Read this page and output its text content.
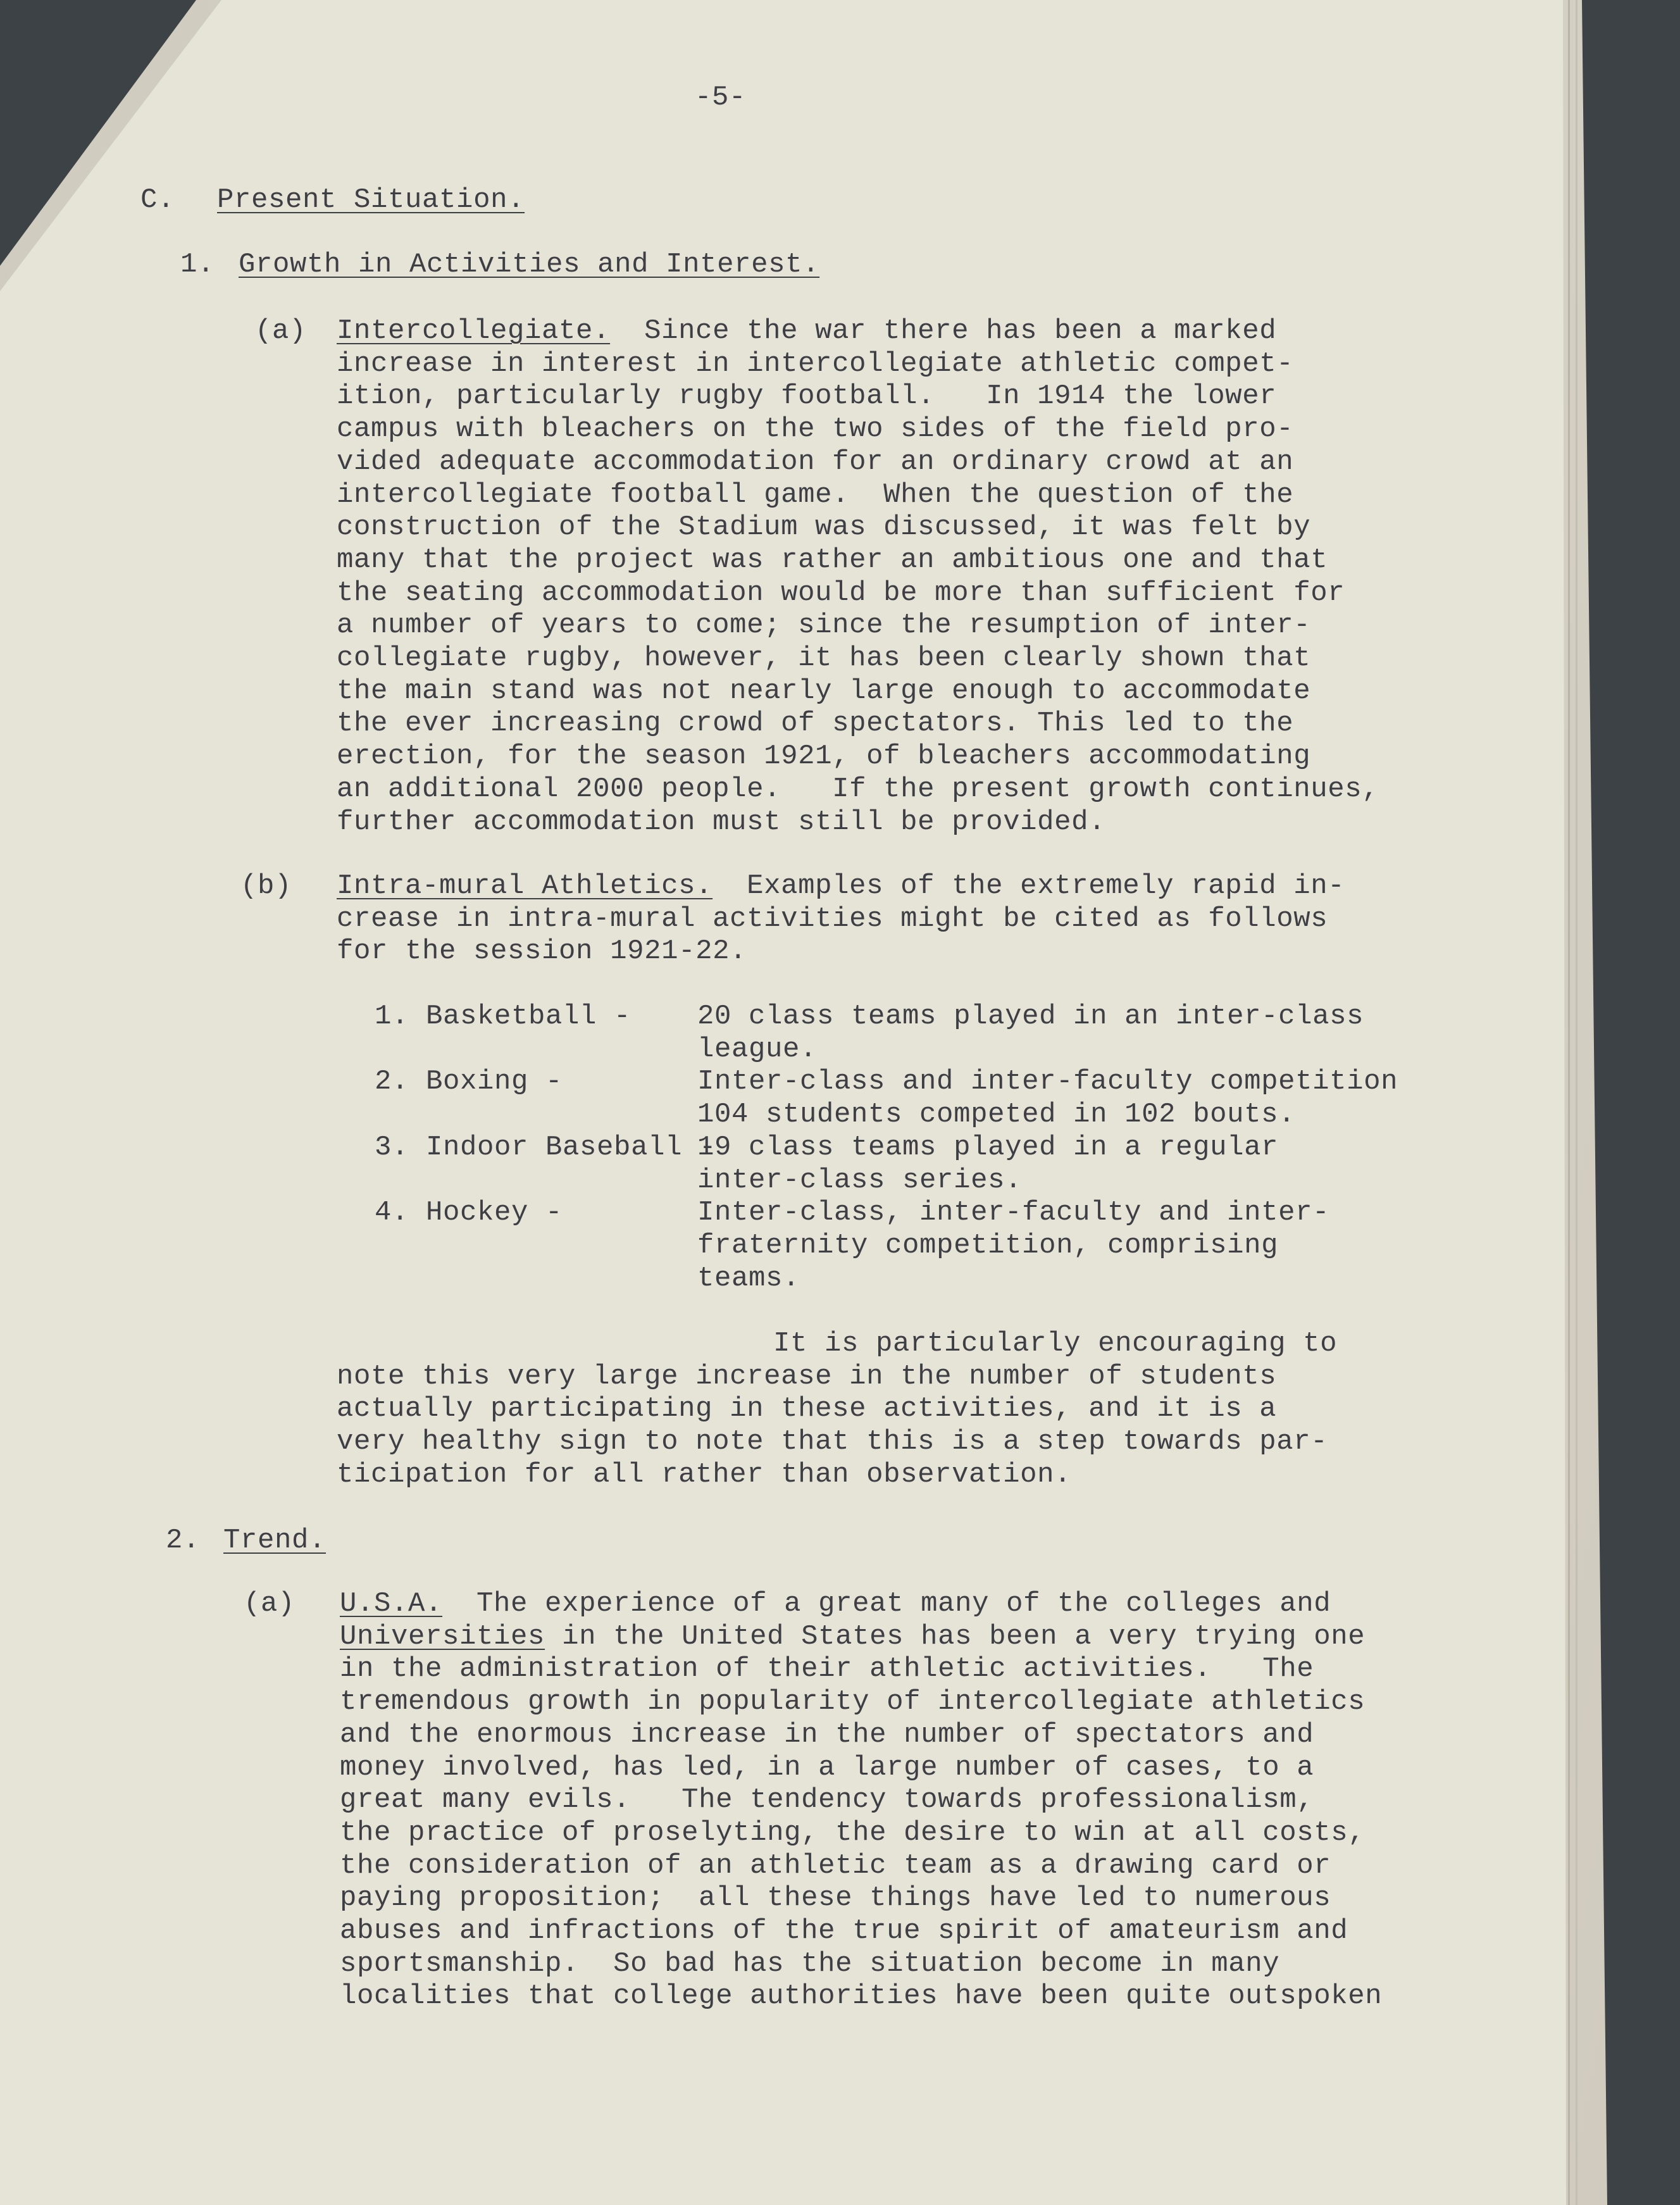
-5-

C.

Present Situation.

1.

Growth in Activities and Interest.

(a)

Intercollegiate.  Since the war there has been a marked
increase in interest in intercollegiate athletic compet-
ition, particularly rugby football.   In 1914 the lower
campus with bleachers on the two sides of the field pro-
vided adequate accommodation for an ordinary crowd at an
intercollegiate football game.  When the question of the
construction of the Stadium was discussed, it was felt by
many that the project was rather an ambitious one and that
the seating accommodation would be more than sufficient for
a number of years to come; since the resumption of inter-
collegiate rugby, however, it has been clearly shown that
the main stand was not nearly large enough to accommodate
the ever increasing crowd of spectators. This led to the
erection, for the season 1921, of bleachers accommodating
an additional 2000 people.   If the present growth continues,
further accommodation must still be provided.

(b)

Intra-mural Athletics.  Examples of the extremely rapid in-
crease in intra-mural activities might be cited as follows
for the session 1921-22.

1. Basketball - 20 class teams played in an inter-class
league.
2. Boxing -	Inter-class and inter-faculty competition
104 students competed in 102 bouts.
3. Indoor Baseball -
19 class teams played in a regular
inter-class series.
4. Hockey -	Inter-class, inter-faculty and inter-
fraternity competition, comprising
teams.

It is particularly encouraging to
note this very large increase in the number of students
actually participating in these activities, and it is a
very healthy sign to note that this is a step towards par-
ticipation for all rather than observation.

2.

Trend.

(a)

U.S.A.  The experience of a great many of the colleges and
Universities in the United States has been a very trying one
in the administration of their athletic activities.   The
tremendous growth in popularity of intercollegiate athletics
and the enormous increase in the number of spectators and
money involved, has led, in a large number of cases, to a
great many evils.   The tendency towards professionalism,
the practice of proselyting, the desire to win at all costs,
the consideration of an athletic team as a drawing card or
paying proposition;  all these things have led to numerous
abuses and infractions of the true spirit of amateurism and
sportsmanship.  So bad has the situation become in many
localities that college authorities have been quite outspoken
